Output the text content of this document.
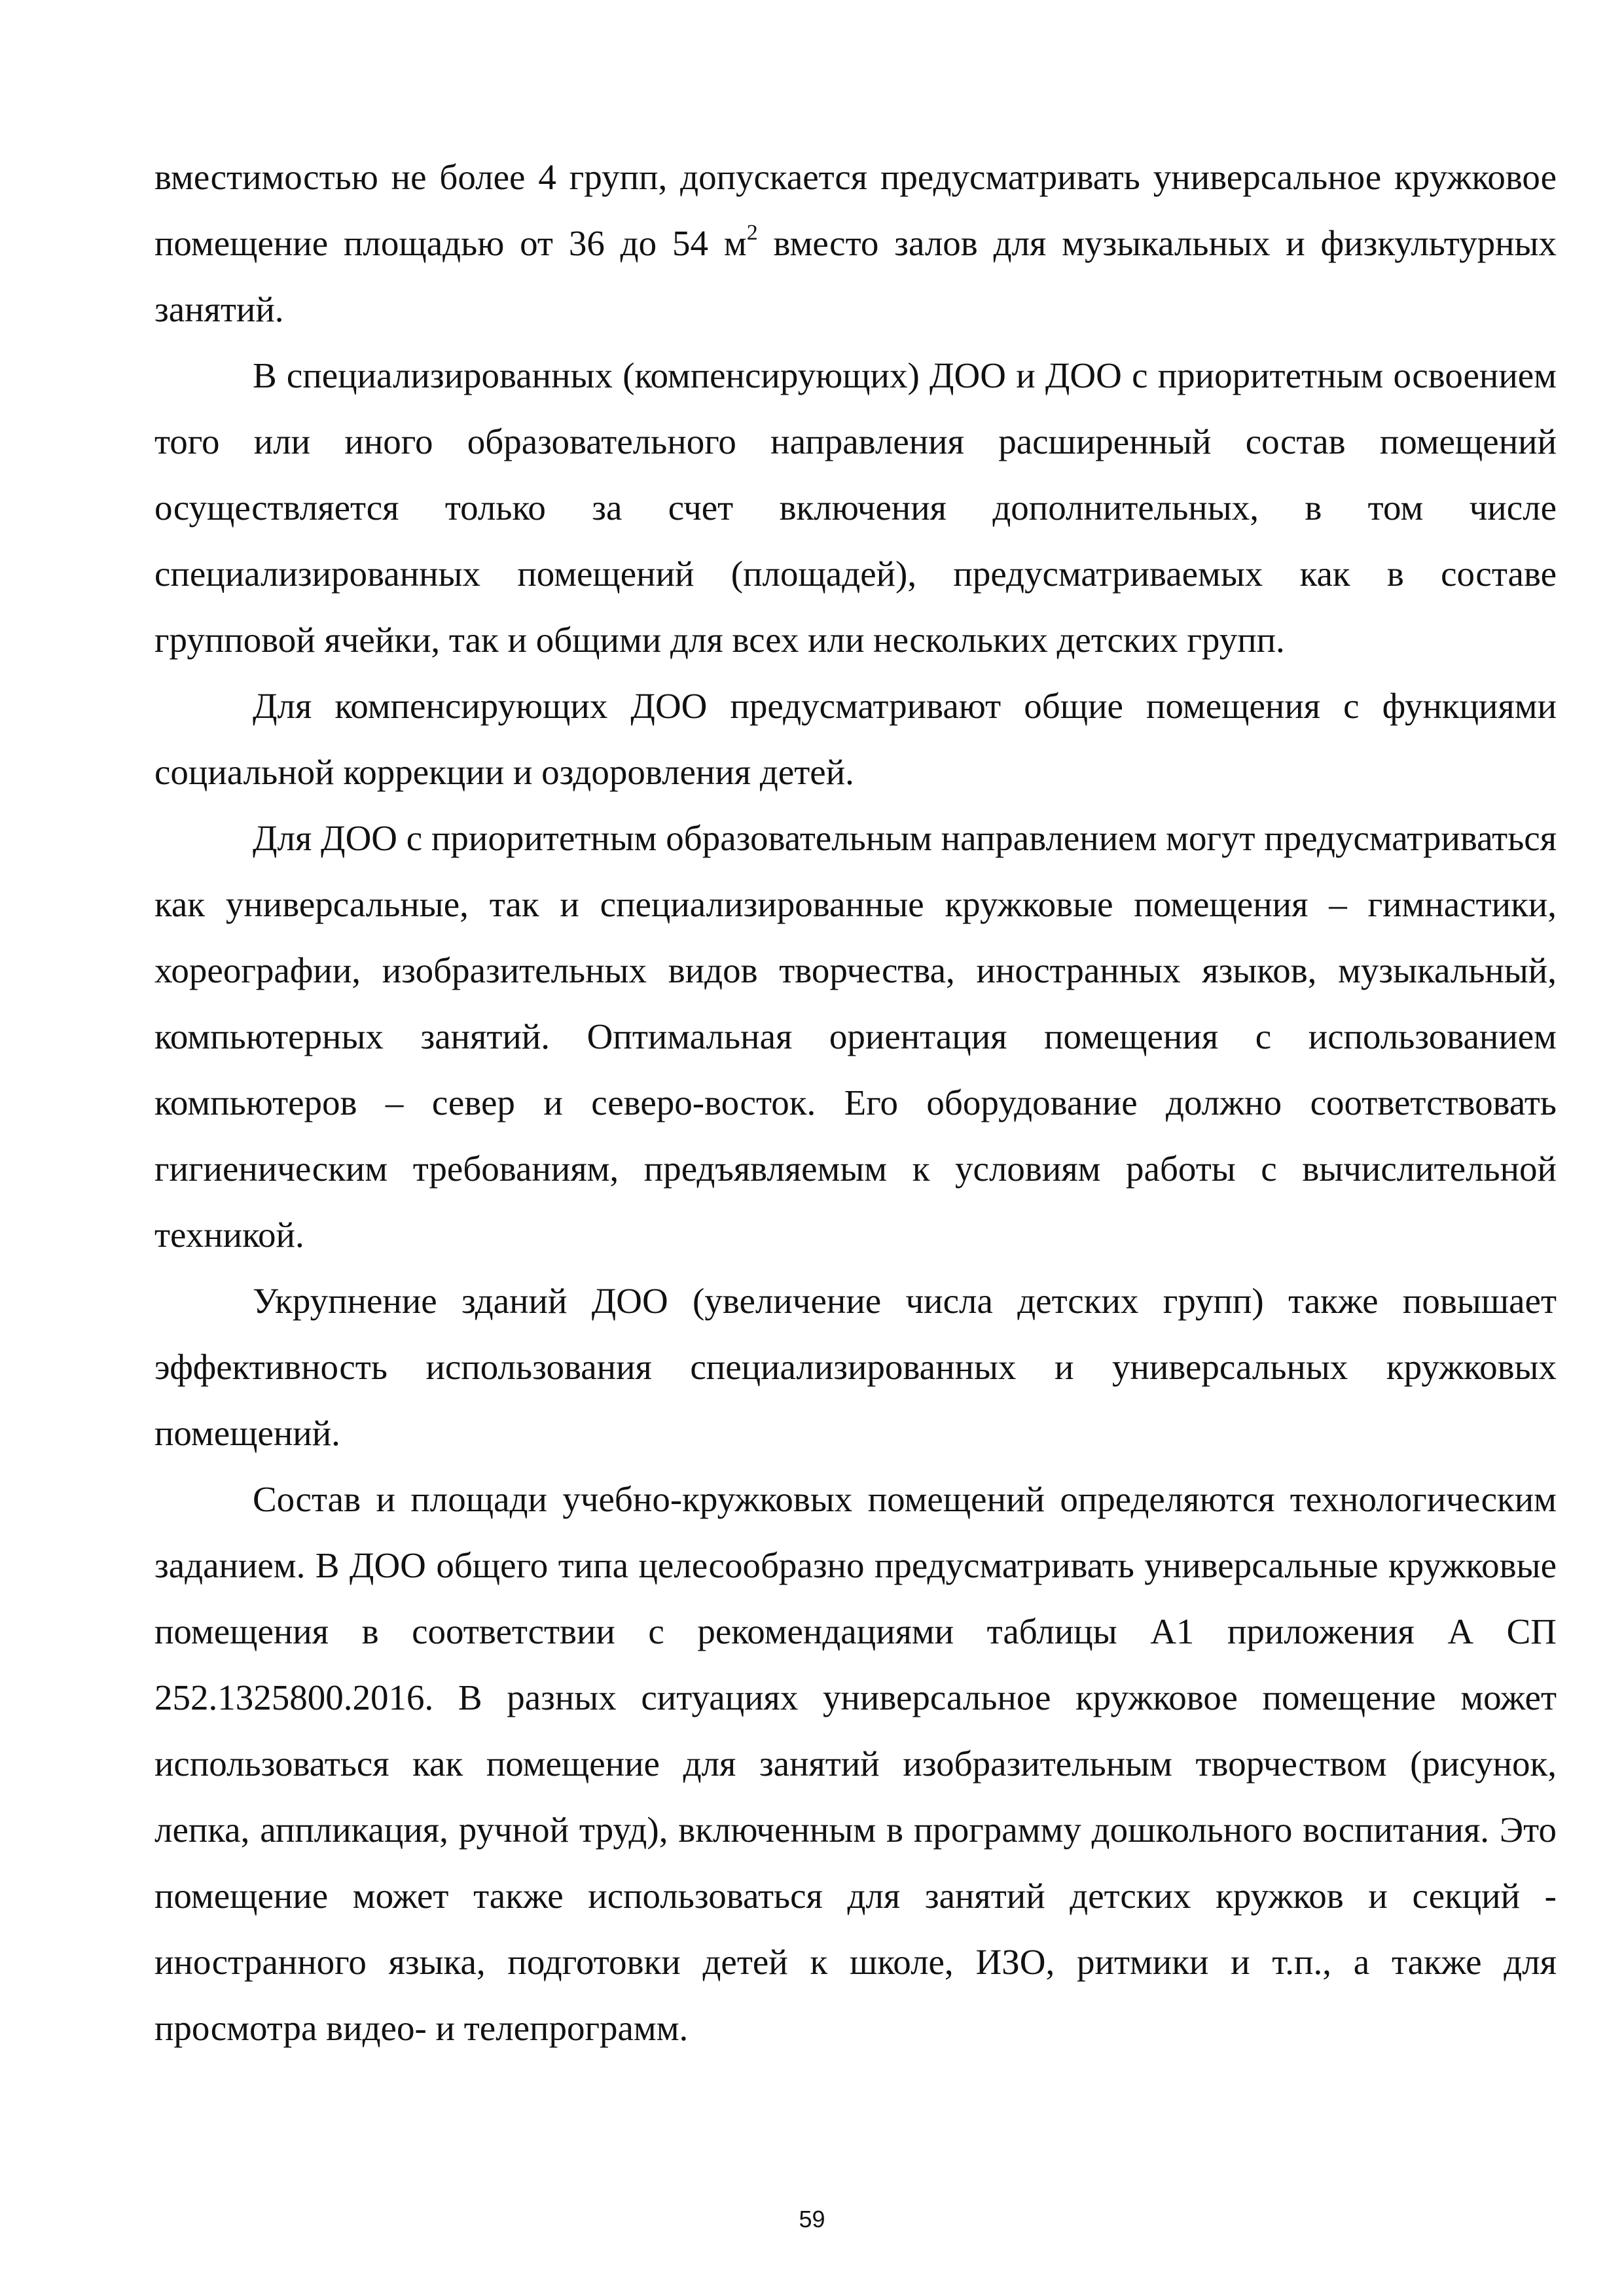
вместимостью не более 4 групп, допускается предусматривать универсальное кружковое помещение площадью от 36 до 54 $м^2$ вместо залов для музыкальных и физкультурных занятий.

В специализированных (компенсирующих) ДОО и ДОО с приоритетным освоением того или иного образовательного направления расширенный состав помещений осуществляется только за счет включения дополнительных, в том числе специализированных помещений (площадей), предусматриваемых как в составе групповой ячейки, так и общими для всех или нескольких детских групп.

Для компенсирующих ДОО предусматривают общие помещения с функциями социальной коррекции и оздоровления детей.

Для ДОО с приоритетным образовательным направлением могут предусматриваться как универсальные, так и специализированные кружковые помещения – гимнастики, хореографии, изобразительных видов творчества, иностранных языков, музыкальный, компьютерных занятий. Оптимальная ориентация помещения с использованием компьютеров – север и северо-восток. Его оборудование должно соответствовать гигиеническим требованиям, предъявляемым к условиям работы с вычислительной техникой.

Укрупнение зданий ДОО (увеличение числа детских групп) также повышает эффективность использования специализированных и универсальных кружковых помещений.

Состав и площади учебно-кружковых помещений определяются технологическим заданием. В ДОО общего типа целесообразно предусматривать универсальные кружковые помещения в соответствии с рекомендациями таблицы А1 приложения А СП 252.1325800.2016. В разных ситуациях универсальное кружковое помещение может использоваться как помещение для занятий изобразительным творчеством (рисунок, лепка, аппликация, ручной труд), включенным в программу дошкольного воспитания. Это помещение может также использоваться для занятий детских кружков и секций - иностранного языка, подготовки детей к школе, ИЗО, ритмики и т.п., а также для просмотра видео- и телепрограмм.

59
